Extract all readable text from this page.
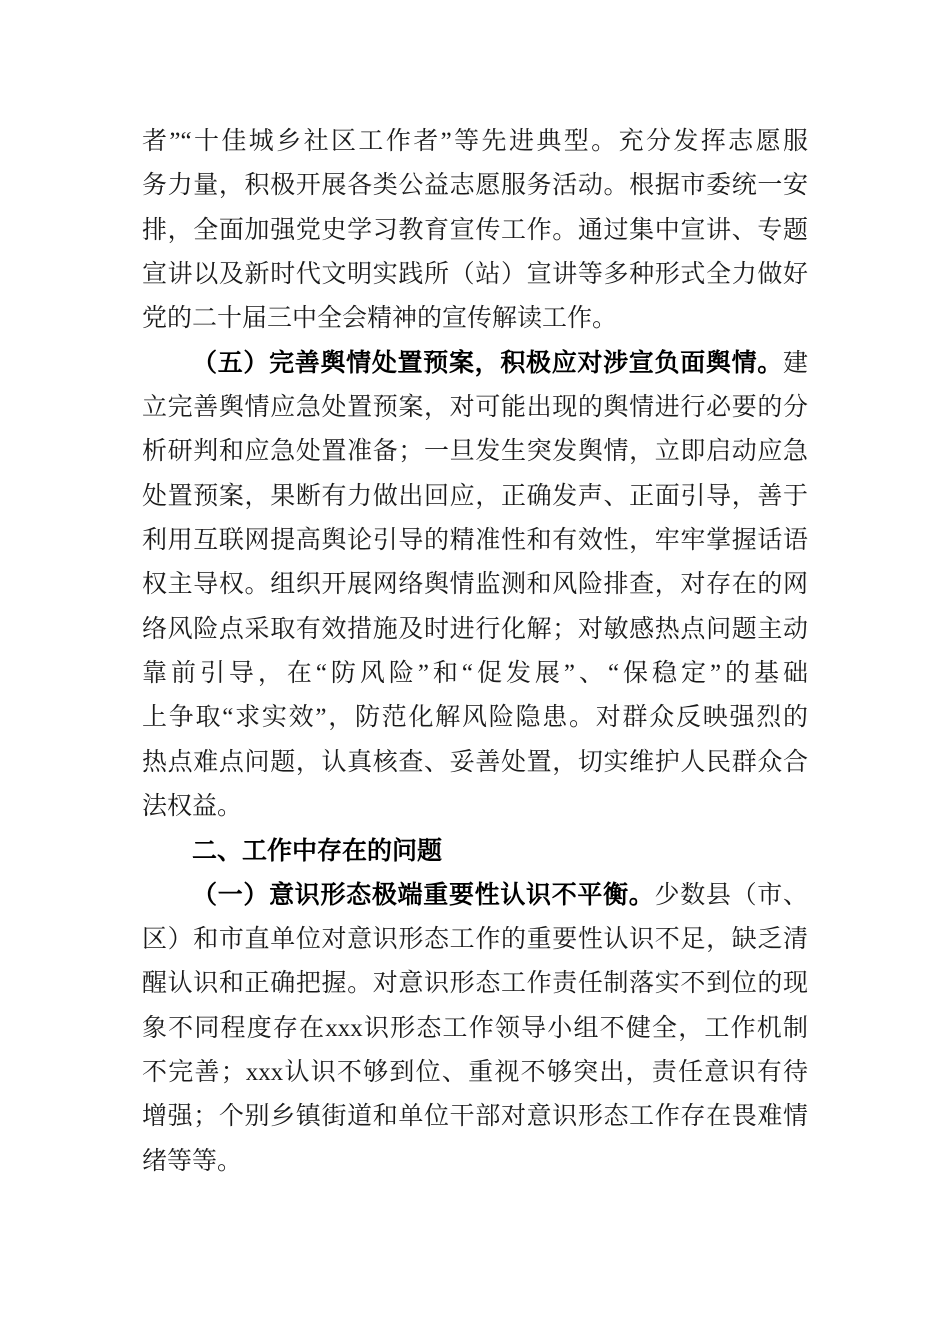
者”“十佳城乡社区工作者”等先进典型。充分发挥志愿服
务力量，积极开展各类公益志愿服务活动。根据市委统一安
排，全面加强党史学习教育宣传工作。通过集中宣讲、专题
宣讲以及新时代文明实践所（站）宣讲等多种形式全力做好
党的二十届三中全会精神的宣传解读工作。
（五）完善舆情处置预案，积极应对涉宣负面舆情。建
立完善舆情应急处置预案，对可能出现的舆情进行必要的分
析研判和应急处置准备；一旦发生突发舆情，立即启动应急
处置预案，果断有力做出回应，正确发声、正面引导，善于
利用互联网提高舆论引导的精准性和有效性，牢牢掌握话语
权主导权。组织开展网络舆情监测和风险排查，对存在的网
络风险点采取有效措施及时进行化解；对敏感热点问题主动
靠前引导，在“防风险”和“促发展”、“保稳定”的基础
上争取“求实效”，防范化解风险隐患。对群众反映强烈的
热点难点问题，认真核查、妥善处置，切实维护人民群众合
法权益。
二、工作中存在的问题
（一）意识形态极端重要性认识不平衡。少数县（市、
区）和市直单位对意识形态工作的重要性认识不足，缺乏清
醒认识和正确把握。对意识形态工作责任制落实不到位的现
象不同程度存在xxx识形态工作领导小组不健全，工作机制
不完善；xxx认识不够到位、重视不够突出，责任意识有待
增强；个别乡镇街道和单位干部对意识形态工作存在畏难情
绪等等。
